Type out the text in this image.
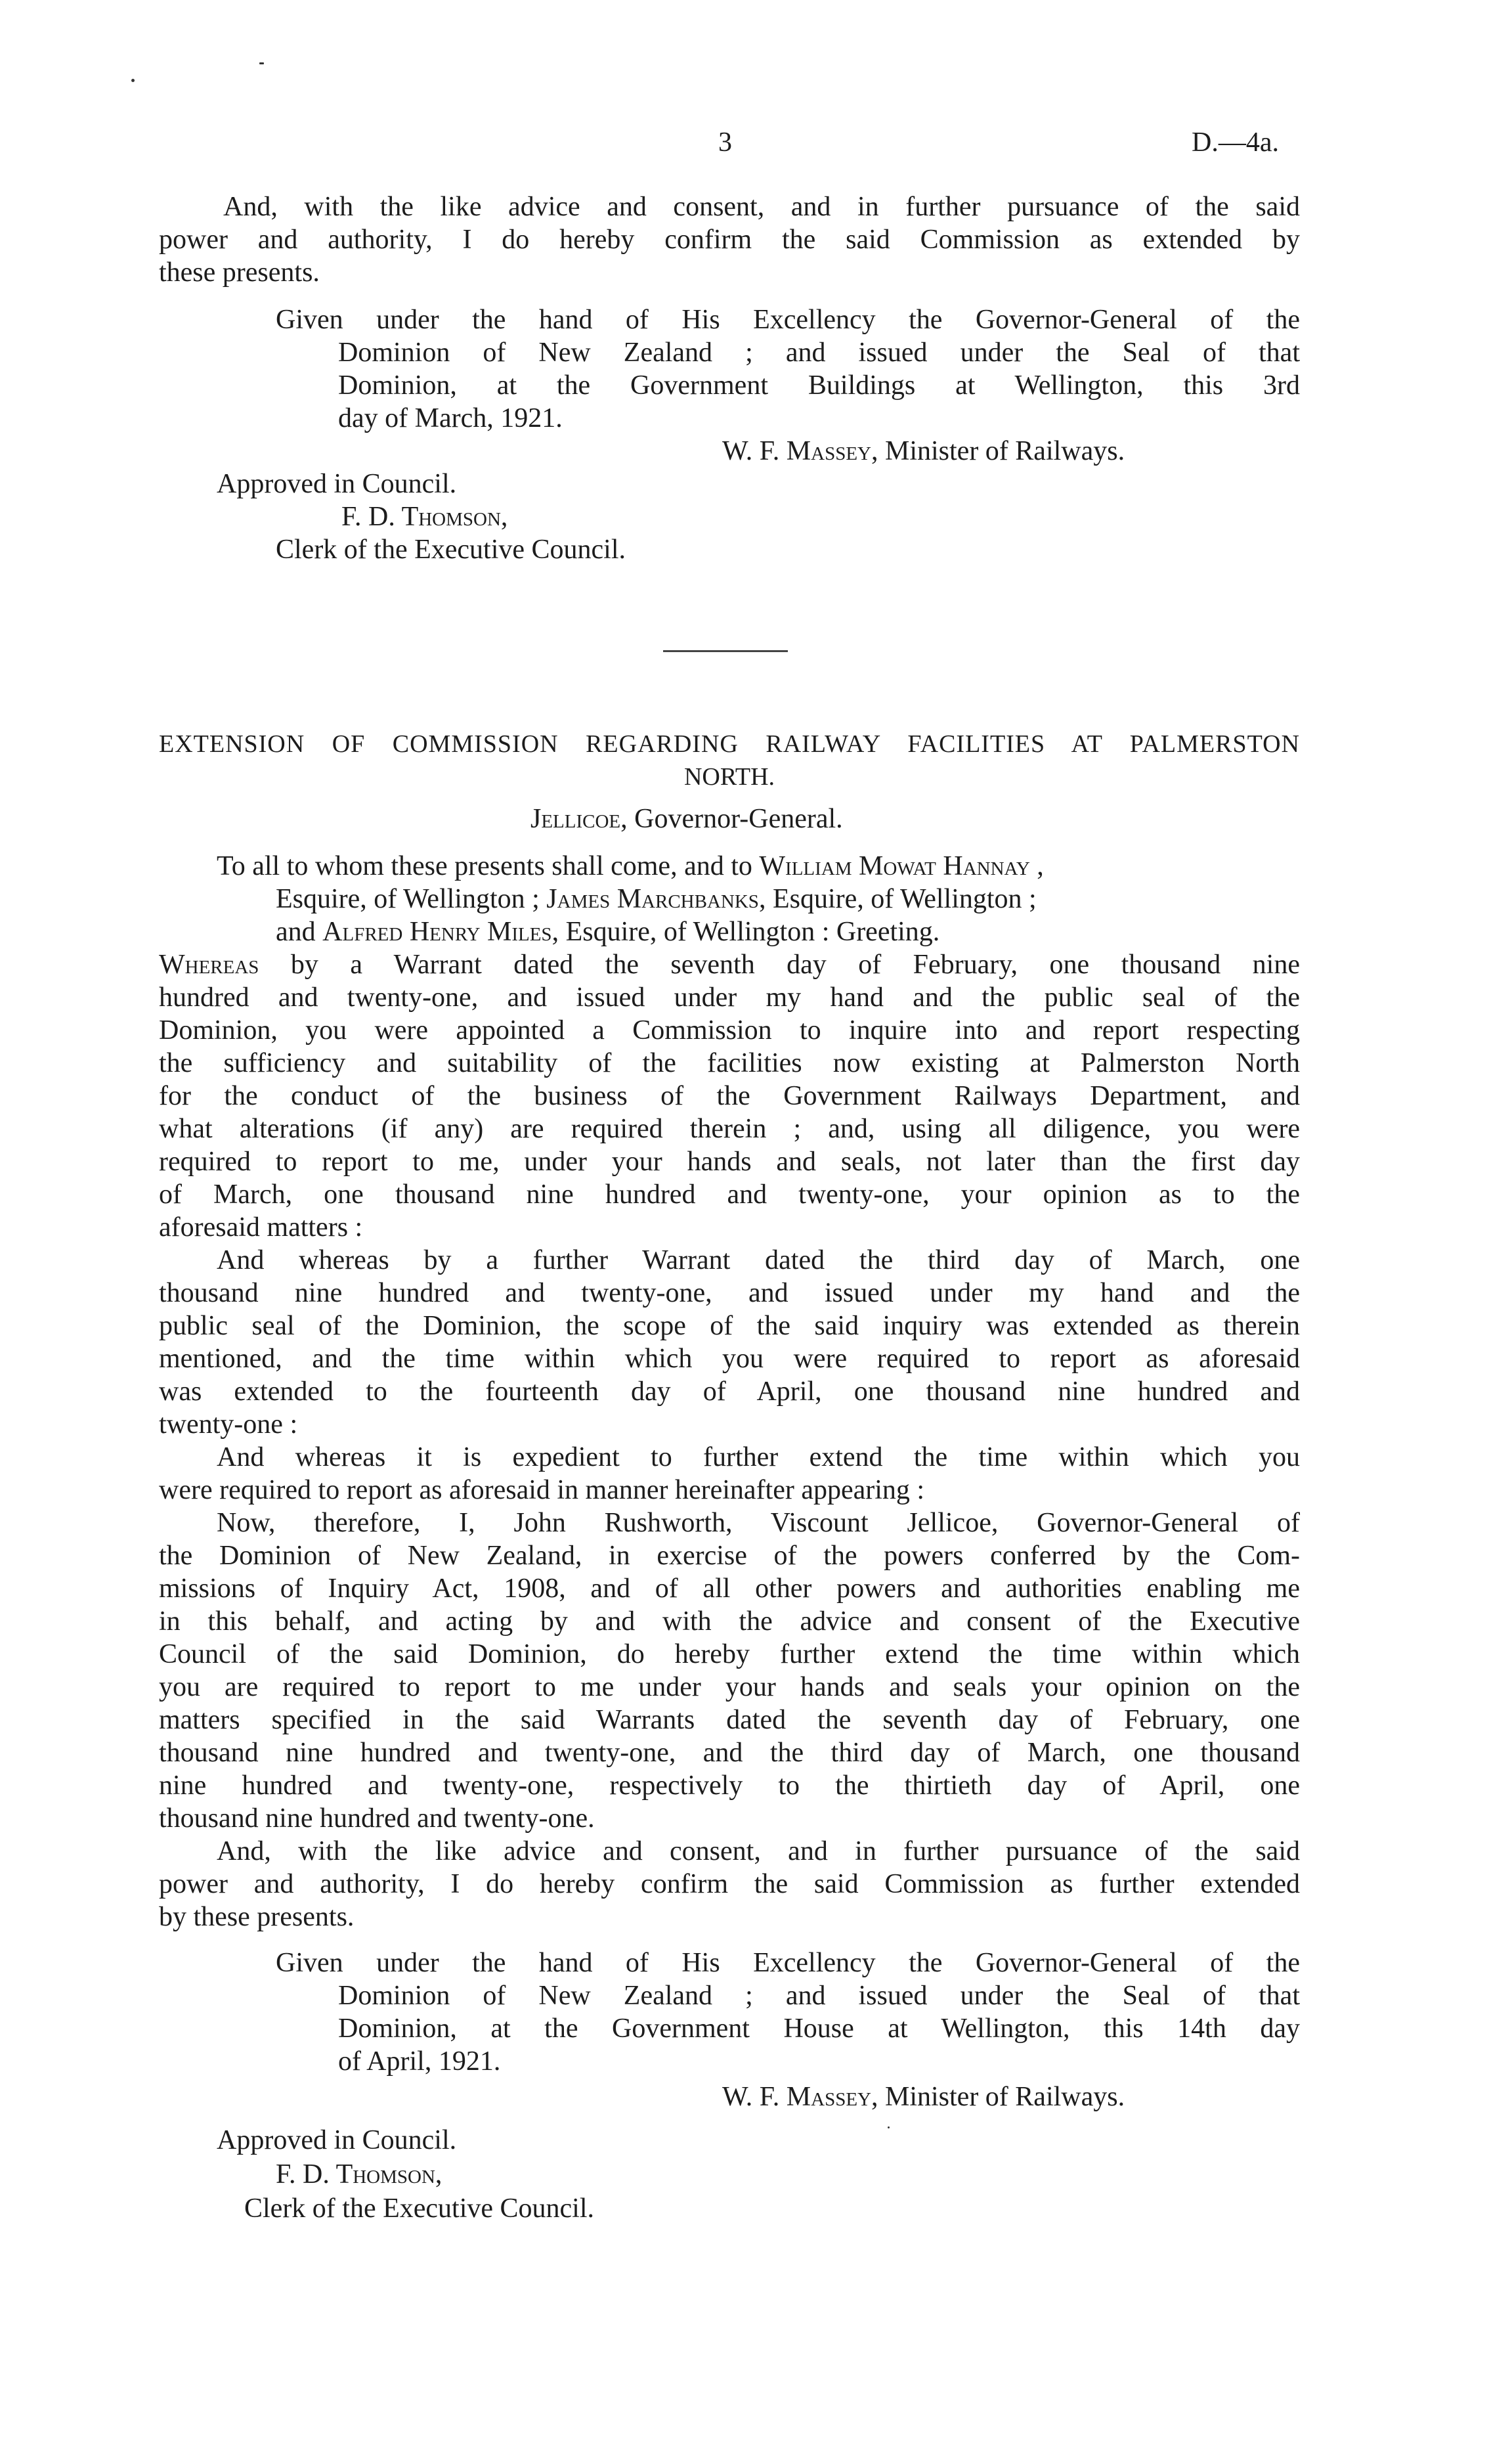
3	D.—4a.
And, with the like advice and consent, and in further pursuance of the said
power and authority, I do hereby confirm the said Commission as extended by
these presents.
Given under the hand of His Excellency the Governor-General of the
Dominion of New Zealand ; and issued under the Seal of that
Dominion, at the Government Buildings at Wellington, this 3rd
day of March, 1921.
W. F. Massey, Minister of Railways.
Approved in Council.
F. D. Thomson,
Clerk of the Executive Council.
EXTENSION OF COMMISSION REGARDING RAILWAY FACILITIES AT PALMERSTON
NORTH.
Jellicoe, Governor-General.
To all to whom these presents shall come, and to William Mowat Hannay ,
Esquire, of Wellington ; James Marchbanks, Esquire, of Wellington ;
and Alfred Henry Miles, Esquire, of Wellington : Greeting.
Whereas by a Warrant dated the seventh day of February, one thousand nine
hundred and twenty-one, and issued under my hand and the public seal of the
Dominion, you were appointed a Commission to inquire into and report respecting
the sufficiency and suitability of the facilities now existing at Palmerston North
for the conduct of the business of the Government Railways Department, and
what alterations (if any) are required therein ; and, using all diligence, you were
required to report to me, under your hands and seals, not later than the first day
of March, one thousand nine hundred and twenty-one, your opinion as to the
aforesaid matters :
And whereas by a further Warrant dated the third day of March, one
thousand nine hundred and twenty-one, and issued under my hand and the
public seal of the Dominion, the scope of the said inquiry was extended as therein
mentioned, and the time within which you were required to report as aforesaid
was extended to the fourteenth day of April, one thousand nine hundred and
twenty-one :
And whereas it is expedient to further extend the time within which you
were required to report as aforesaid in manner hereinafter appearing :
Now, therefore, I, John Rushworth, Viscount Jellicoe, Governor-General of
the Dominion of New Zealand, in exercise of the powers conferred by the Com-
missions of Inquiry Act, 1908, and of all other powers and authorities enabling me
in this behalf, and acting by and with the advice and consent of the Executive
Council of the said Dominion, do hereby further extend the time within which
you are required to report to me under your hands and seals your opinion on the
matters specified in the said Warrants dated the seventh day of February, one
thousand nine hundred and twenty-one, and the third day of March, one thousand
nine hundred and twenty-one, respectively to the thirtieth day of April, one
thousand nine hundred and twenty-one.
And, with the like advice and consent, and in further pursuance of the said
power and authority, I do hereby confirm the said Commission as further extended
by these presents.
Given under the hand of His Excellency the Governor-General of the
Dominion of New Zealand ; and issued under the Seal of that
Dominion, at the Government House at Wellington, this 14th day
of April, 1921.
W. F. Massey, Minister of Railways.
Approved in Council.
F. D. Thomson,
Clerk of the Executive Council.
